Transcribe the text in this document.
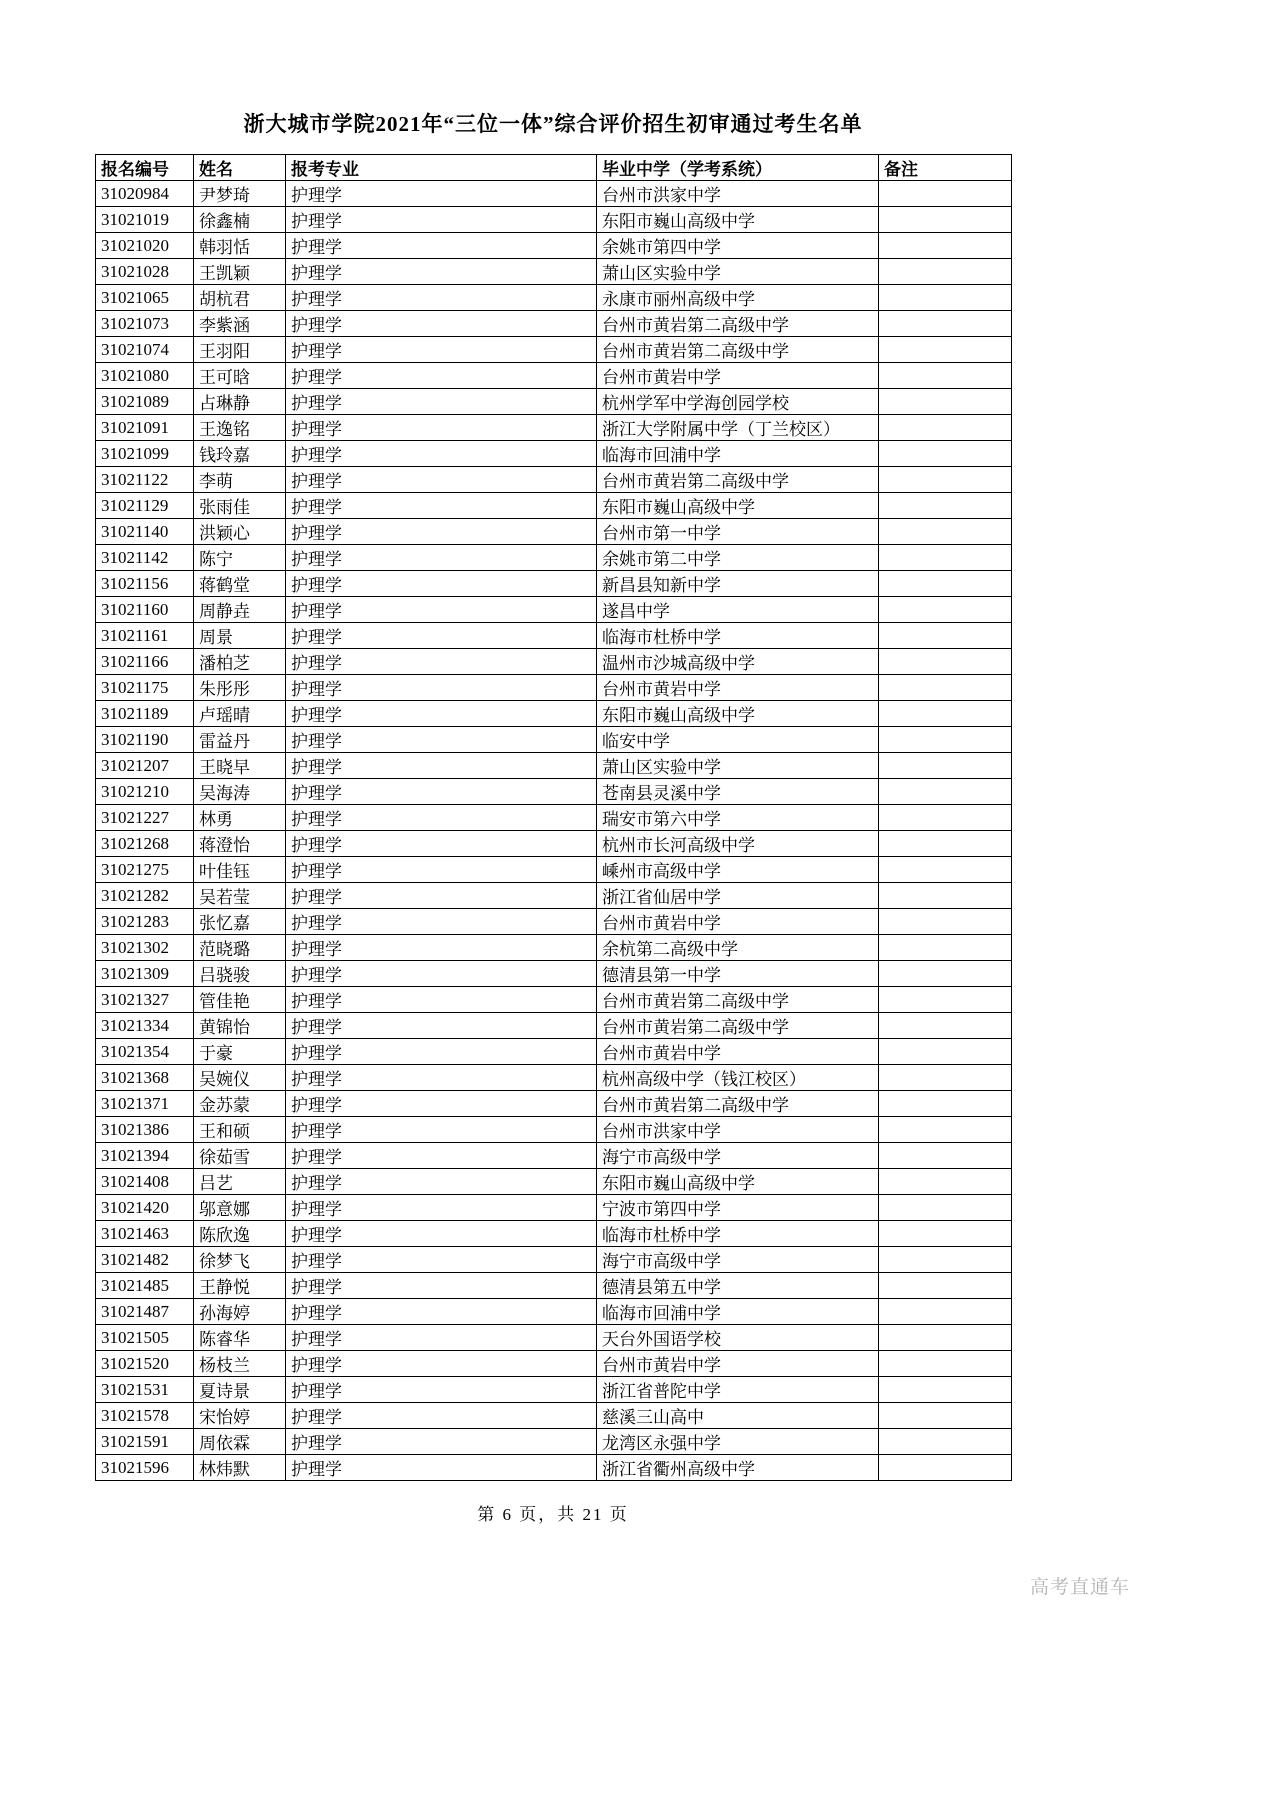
浙大城市学院2021年“三位一体”综合评价招生初审通过考生名单
报名编号	姓名	报考专业	毕业中学（学考系统）	备注
31020984	尹梦琦	护理学	台州市洪家中学	
31021019	徐鑫楠	护理学	东阳市巍山高级中学	
31021020	韩羽恬	护理学	余姚市第四中学	
31021028	王凯颖	护理学	萧山区实验中学	
31021065	胡杭君	护理学	永康市丽州高级中学	
31021073	李紫涵	护理学	台州市黄岩第二高级中学	
31021074	王羽阳	护理学	台州市黄岩第二高级中学	
31021080	王可晗	护理学	台州市黄岩中学	
31021089	占琳静	护理学	杭州学军中学海创园学校	
31021091	王逸铭	护理学	浙江大学附属中学（丁兰校区）	
31021099	钱玲嘉	护理学	临海市回浦中学	
31021122	李萌	护理学	台州市黄岩第二高级中学	
31021129	张雨佳	护理学	东阳市巍山高级中学	
31021140	洪颖心	护理学	台州市第一中学	
31021142	陈宁	护理学	余姚市第二中学	
31021156	蒋鹤堂	护理学	新昌县知新中学	
31021160	周静垚	护理学	遂昌中学	
31021161	周景	护理学	临海市杜桥中学	
31021166	潘柏芝	护理学	温州市沙城高级中学	
31021175	朱彤彤	护理学	台州市黄岩中学	
31021189	卢瑶晴	护理学	东阳市巍山高级中学	
31021190	雷益丹	护理学	临安中学	
31021207	王晓早	护理学	萧山区实验中学	
31021210	吴海涛	护理学	苍南县灵溪中学	
31021227	林勇	护理学	瑞安市第六中学	
31021268	蒋澄怡	护理学	杭州市长河高级中学	
31021275	叶佳钰	护理学	嵊州市高级中学	
31021282	吴若莹	护理学	浙江省仙居中学	
31021283	张忆嘉	护理学	台州市黄岩中学	
31021302	范晓璐	护理学	余杭第二高级中学	
31021309	吕骁骏	护理学	德清县第一中学	
31021327	管佳艳	护理学	台州市黄岩第二高级中学	
31021334	黄锦怡	护理学	台州市黄岩第二高级中学	
31021354	于豪	护理学	台州市黄岩中学	
31021368	吴婉仪	护理学	杭州高级中学（钱江校区）	
31021371	金苏蒙	护理学	台州市黄岩第二高级中学	
31021386	王和硕	护理学	台州市洪家中学	
31021394	徐茹雪	护理学	海宁市高级中学	
31021408	吕艺	护理学	东阳市巍山高级中学	
31021420	邬意娜	护理学	宁波市第四中学	
31021463	陈欣逸	护理学	临海市杜桥中学	
31021482	徐梦飞	护理学	海宁市高级中学	
31021485	王静悦	护理学	德清县第五中学	
31021487	孙海婷	护理学	临海市回浦中学	
31021505	陈睿华	护理学	天台外国语学校	
31021520	杨枝兰	护理学	台州市黄岩中学	
31021531	夏诗景	护理学	浙江省普陀中学	
31021578	宋怡婷	护理学	慈溪三山高中	
31021591	周依霖	护理学	龙湾区永强中学	
31021596	林炜默	护理学	浙江省衢州高级中学	
第 6 页，共 21 页
高考直通车
